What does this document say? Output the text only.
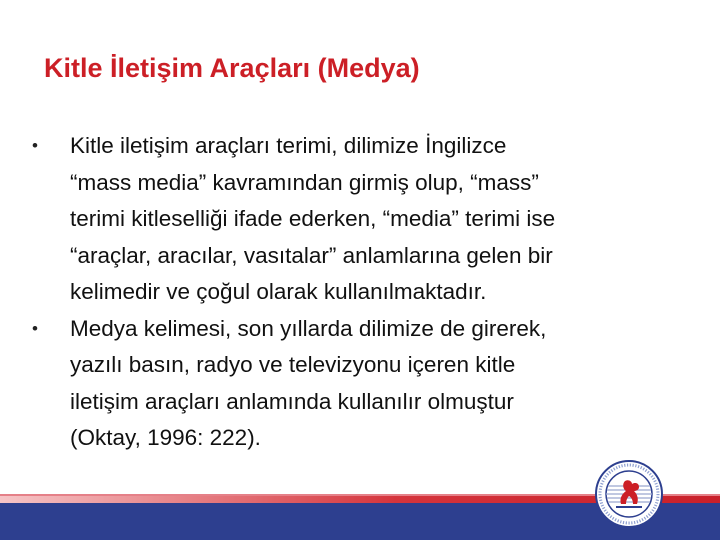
Kitle İletişim Araçları (Medya)
• Kitle iletişim araçları terimi, dilimize İngilizce
“mass media” kavramından girmiş olup, “mass”
terimi kitleselliği ifade ederken, “media” terimi ise
“araçlar, aracılar, vasıtalar” anlamlarına gelen bir
kelimedir ve çoğul olarak kullanılmaktadır.
• Medya kelimesi, son yıllarda dilimize de girerek,
yazılı basın, radyo ve televizyonu içeren kitle
iletişim araçları anlamında kullanılır olmuştur
(Oktay, 1996: 222).
